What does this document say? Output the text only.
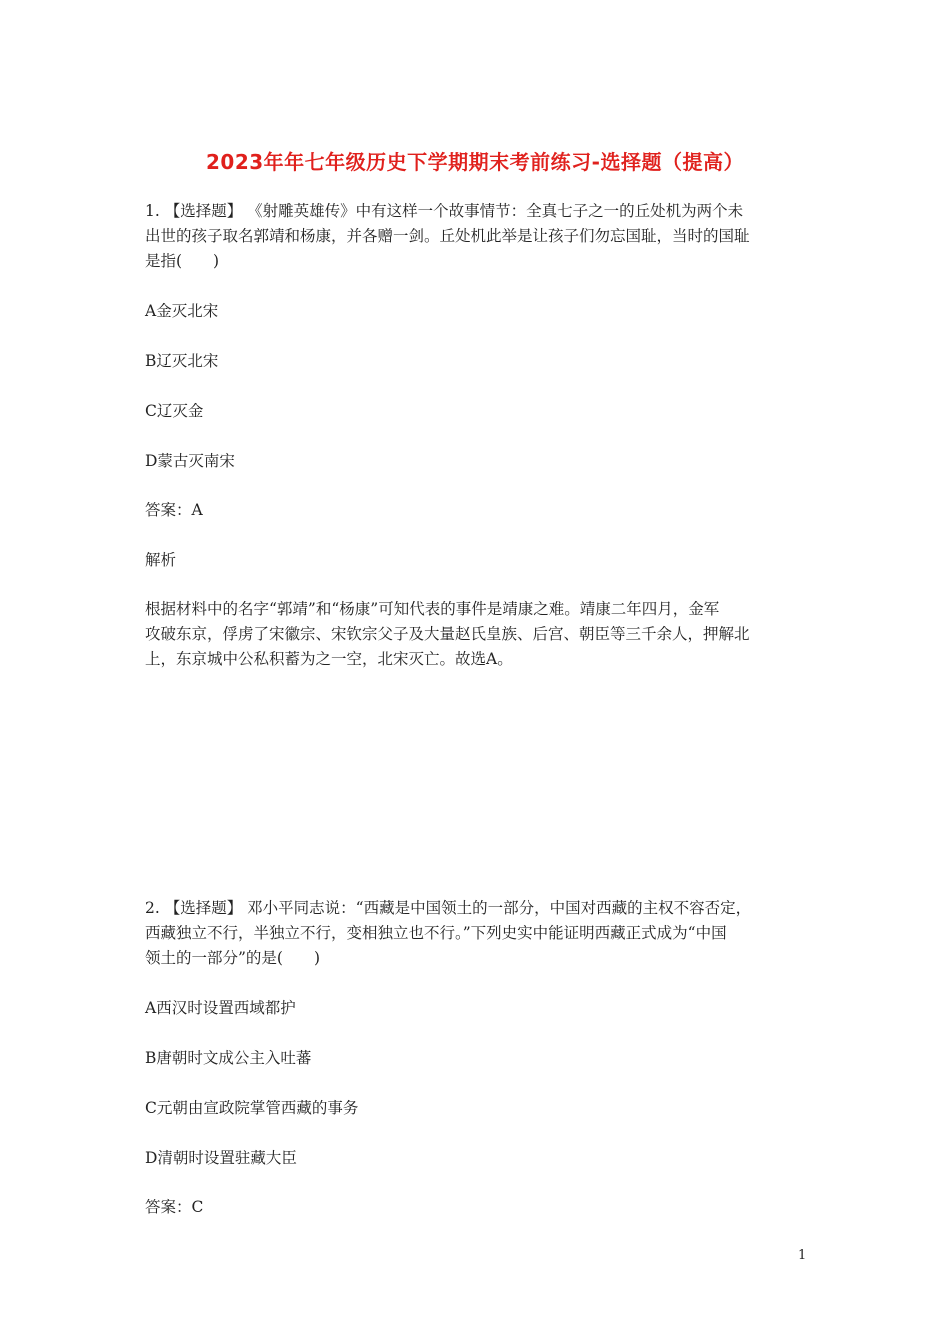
2023年年七年级历史下学期期末考前练习-选择题（提高）
1. 【选择题】 《射雕英雄传》中有这样一个故事情节：全真七子之一的丘处机为两个未
出世的孩子取名郭靖和杨康，并各赠一剑。丘处机此举是让孩子们勿忘国耻，当时的国耻
是指(　　)
A金灭北宋
B辽灭北宋
C辽灭金
D蒙古灭南宋
答案：A
解析
根据材料中的名字“郭靖”和“杨康”可知代表的事件是靖康之难。靖康二年四月，金军
攻破东京，俘虏了宋徽宗、宋钦宗父子及大量赵氏皇族、后宫、朝臣等三千余人，押解北
上，东京城中公私积蓄为之一空，北宋灭亡。故选A。
2. 【选择题】 邓小平同志说：“西藏是中国领土的一部分，中国对西藏的主权不容否定，
西藏独立不行，半独立不行，变相独立也不行。”下列史实中能证明西藏正式成为“中国
领土的一部分”的是(　　)
A西汉时设置西域都护
B唐朝时文成公主入吐蕃
C元朝由宣政院掌管西藏的事务
D清朝时设置驻藏大臣
答案：C
1
